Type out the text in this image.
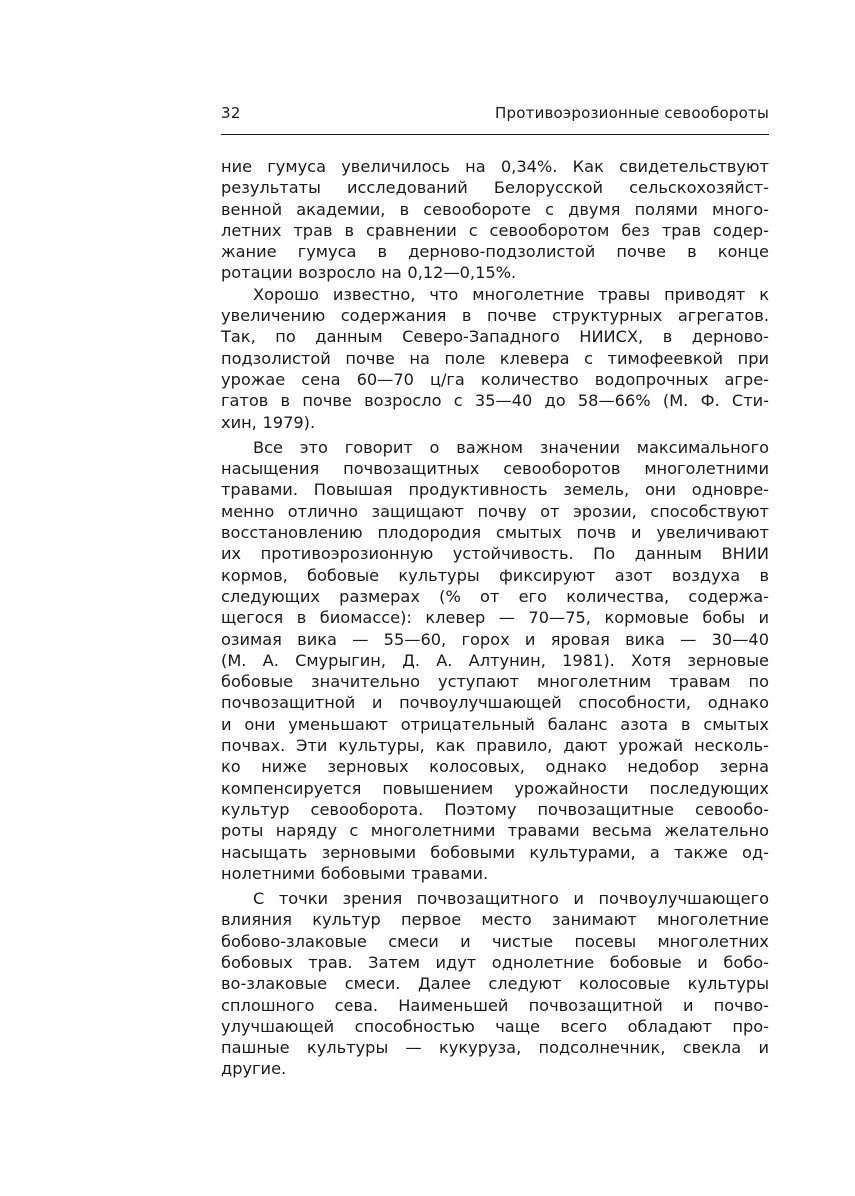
32	Противоэрозионные севообороты
ние гумуса увеличилось на 0,34%. Как свидетельствуют
результаты исследований Белорусской сельскохозяйст-
венной академии, в севообороте с двумя полями много-
летних трав в сравнении с севооборотом без трав содер-
жание гумуса в дерново-подзолистой почве в конце
ротации возросло на 0,12—0,15%.
Хорошо известно, что многолетние травы приводят к
увеличению содержания в почве структурных агрегатов.
Так, по данным Северо-Западного НИИСХ, в дерново-
подзолистой почве на поле клевера с тимофеевкой при
урожае сена 60—70 ц/га количество водопрочных агре-
гатов в почве возросло с 35—40 до 58—66% (М. Ф. Сти-
хин, 1979).
Все это говорит о важном значении максимального
насыщения почвозащитных севооборотов многолетними
травами. Повышая продуктивность земель, они одновре-
менно отлично защищают почву от эрозии, способствуют
восстановлению плодородия смытых почв и увеличивают
их противоэрозионную устойчивость. По данным ВНИИ
кормов, бобовые культуры фиксируют азот воздуха в
следующих размерах (% от его количества, содержа-
щегося в биомассе): клевер — 70—75, кормовые бобы и
озимая вика — 55—60, горох и яровая вика — 30—40
(М. А. Смурыгин, Д. А. Алтунин, 1981). Хотя зерновые
бобовые значительно уступают многолетним травам по
почвозащитной и почвоулучшающей способности, однако
и они уменьшают отрицательный баланс азота в смытых
почвах. Эти культуры, как правило, дают урожай несколь-
ко ниже зерновых колосовых, однако недобор зерна
компенсируется повышением урожайности последующих
культур севооборота. Поэтому почвозащитные севообо-
роты наряду с многолетними травами весьма желательно
насыщать зерновыми бобовыми культурами, а также од-
нолетними бобовыми травами.
С точки зрения почвозащитного и почвоулучшающего
влияния культур первое место занимают многолетние
бобово-злаковые смеси и чистые посевы многолетних
бобовых трав. Затем идут однолетние бобовые и бобо-
во-злаковые смеси. Далее следуют колосовые культуры
сплошного сева. Наименьшей почвозащитной и почво-
улучшающей способностью чаще всего обладают про-
пашные культуры — кукуруза, подсолнечник, свекла и
другие.
